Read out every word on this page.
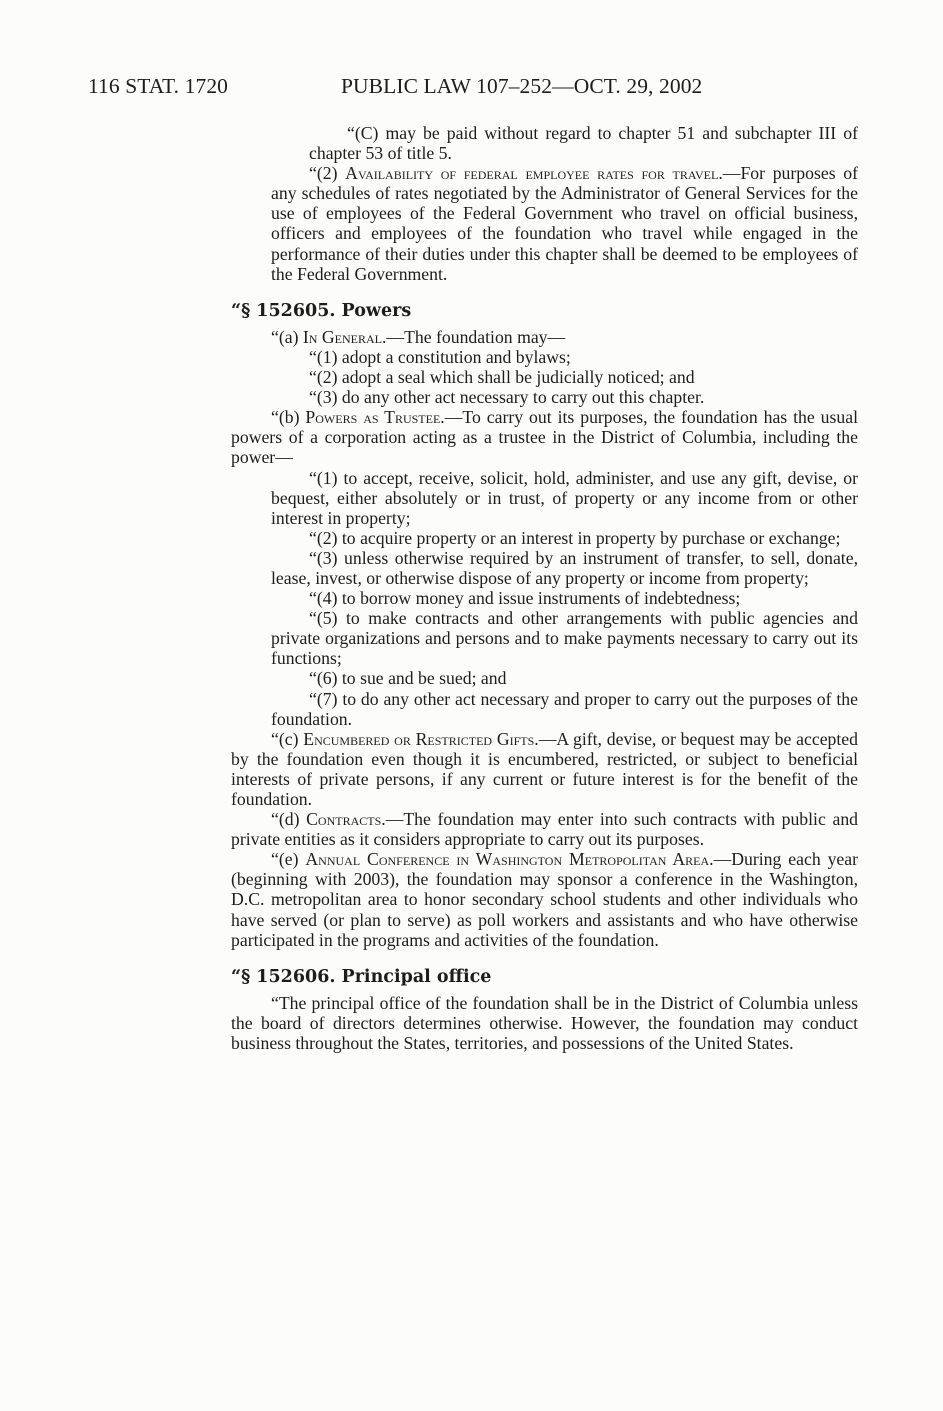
116 STAT. 1720	PUBLIC LAW 107–252—OCT. 29, 2002

“(C) may be paid without regard to chapter 51 and subchapter III of chapter 53 of title 5.

“(2) Availability of federal employee rates for travel.—For purposes of any schedules of rates negotiated by the Administrator of General Services for the use of employees of the Federal Government who travel on official business, officers and employees of the foundation who travel while engaged in the performance of their duties under this chapter shall be deemed to be employees of the Federal Government.

“§ 152605. Powers

“(a) In General.—The foundation may—

“(1) adopt a constitution and bylaws;

“(2) adopt a seal which shall be judicially noticed; and

“(3) do any other act necessary to carry out this chapter.

“(b) Powers as Trustee.—To carry out its purposes, the foundation has the usual powers of a corporation acting as a trustee in the District of Columbia, including the power—

“(1) to accept, receive, solicit, hold, administer, and use any gift, devise, or bequest, either absolutely or in trust, of property or any income from or other interest in property;

“(2) to acquire property or an interest in property by purchase or exchange;

“(3) unless otherwise required by an instrument of transfer, to sell, donate, lease, invest, or otherwise dispose of any property or income from property;

“(4) to borrow money and issue instruments of indebtedness;

“(5) to make contracts and other arrangements with public agencies and private organizations and persons and to make payments necessary to carry out its functions;

“(6) to sue and be sued; and

“(7) to do any other act necessary and proper to carry out the purposes of the foundation.

“(c) Encumbered or Restricted Gifts.—A gift, devise, or bequest may be accepted by the foundation even though it is encumbered, restricted, or subject to beneficial interests of private persons, if any current or future interest is for the benefit of the foundation.

“(d) Contracts.—The foundation may enter into such contracts with public and private entities as it considers appropriate to carry out its purposes.

“(e) Annual Conference in Washington Metropolitan Area.—During each year (beginning with 2003), the foundation may sponsor a conference in the Washington, D.C. metropolitan area to honor secondary school students and other individuals who have served (or plan to serve) as poll workers and assistants and who have otherwise participated in the programs and activities of the foundation.

“§ 152606. Principal office

“The principal office of the foundation shall be in the District of Columbia unless the board of directors determines otherwise. However, the foundation may conduct business throughout the States, territories, and possessions of the United States.
